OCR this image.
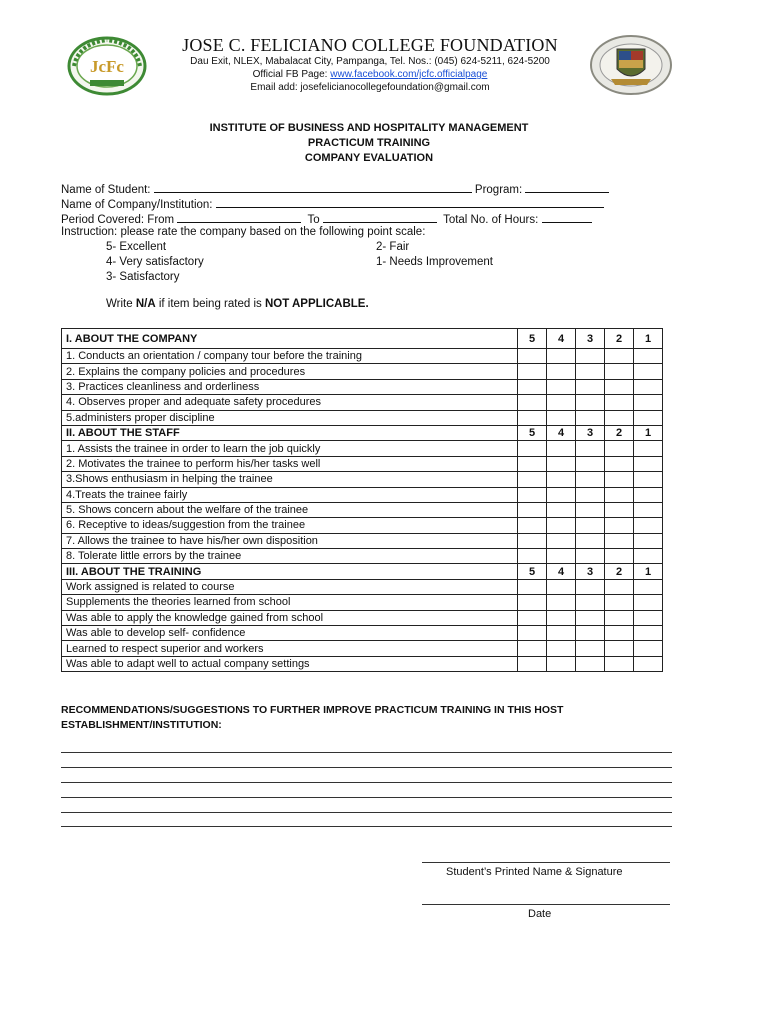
JcFc
JOSE C. FELICIANO COLLEGE FOUNDATION
Dau Exit, NLEX, Mabalacat City, Pampanga, Tel. Nos.: (045) 624-5211, 624-5200
Official FB Page: www.facebook.com/jcfc.officialpage
Email add: josefelicianocollegefoundation@gmail.com
INSTITUTE OF BUSINESS AND HOSPITALITY MANAGEMENT
PRACTICUM TRAINING
COMPANY EVALUATION
Name of Student:	Program:
Name of Company/Institution:
Period Covered: From	To	Total No. of Hours:
Instruction: please rate the company based on the following point scale:
5- Excellent	2- Fair
4- Very satisfactory	1- Needs Improvement
3- Satisfactory
Write N/A if item being rated is NOT APPLICABLE.
I. ABOUT THE COMPANY	5	4	3	2	1
1. Conducts an orientation / company tour before the training					
2. Explains the company policies and procedures					
3. Practices cleanliness and orderliness					
4. Observes proper and adequate safety procedures					
5.administers proper discipline					
II. ABOUT THE STAFF	5	4	3	2	1
1. Assists the trainee in order to learn the job quickly					
2. Motivates the trainee to perform his/her tasks well					
3.Shows enthusiasm in helping the trainee					
4.Treats the trainee fairly					
5. Shows concern about the welfare of the trainee					
6. Receptive to ideas/suggestion from the trainee					
7. Allows the trainee to have his/her own disposition					
8. Tolerate little errors by the trainee					
III. ABOUT THE TRAINING	5	4	3	2	1
Work assigned is related to course					
Supplements the theories learned from school					
Was able to apply the knowledge gained from school					
Was able to develop self- confidence					
Learned to respect superior and workers					
Was able to adapt well to actual company settings					
RECOMMENDATIONS/SUGGESTIONS TO FURTHER IMPROVE PRACTICUM TRAINING IN THIS HOST ESTABLISHMENT/INSTITUTION:
Student’s Printed Name & Signature
Date
